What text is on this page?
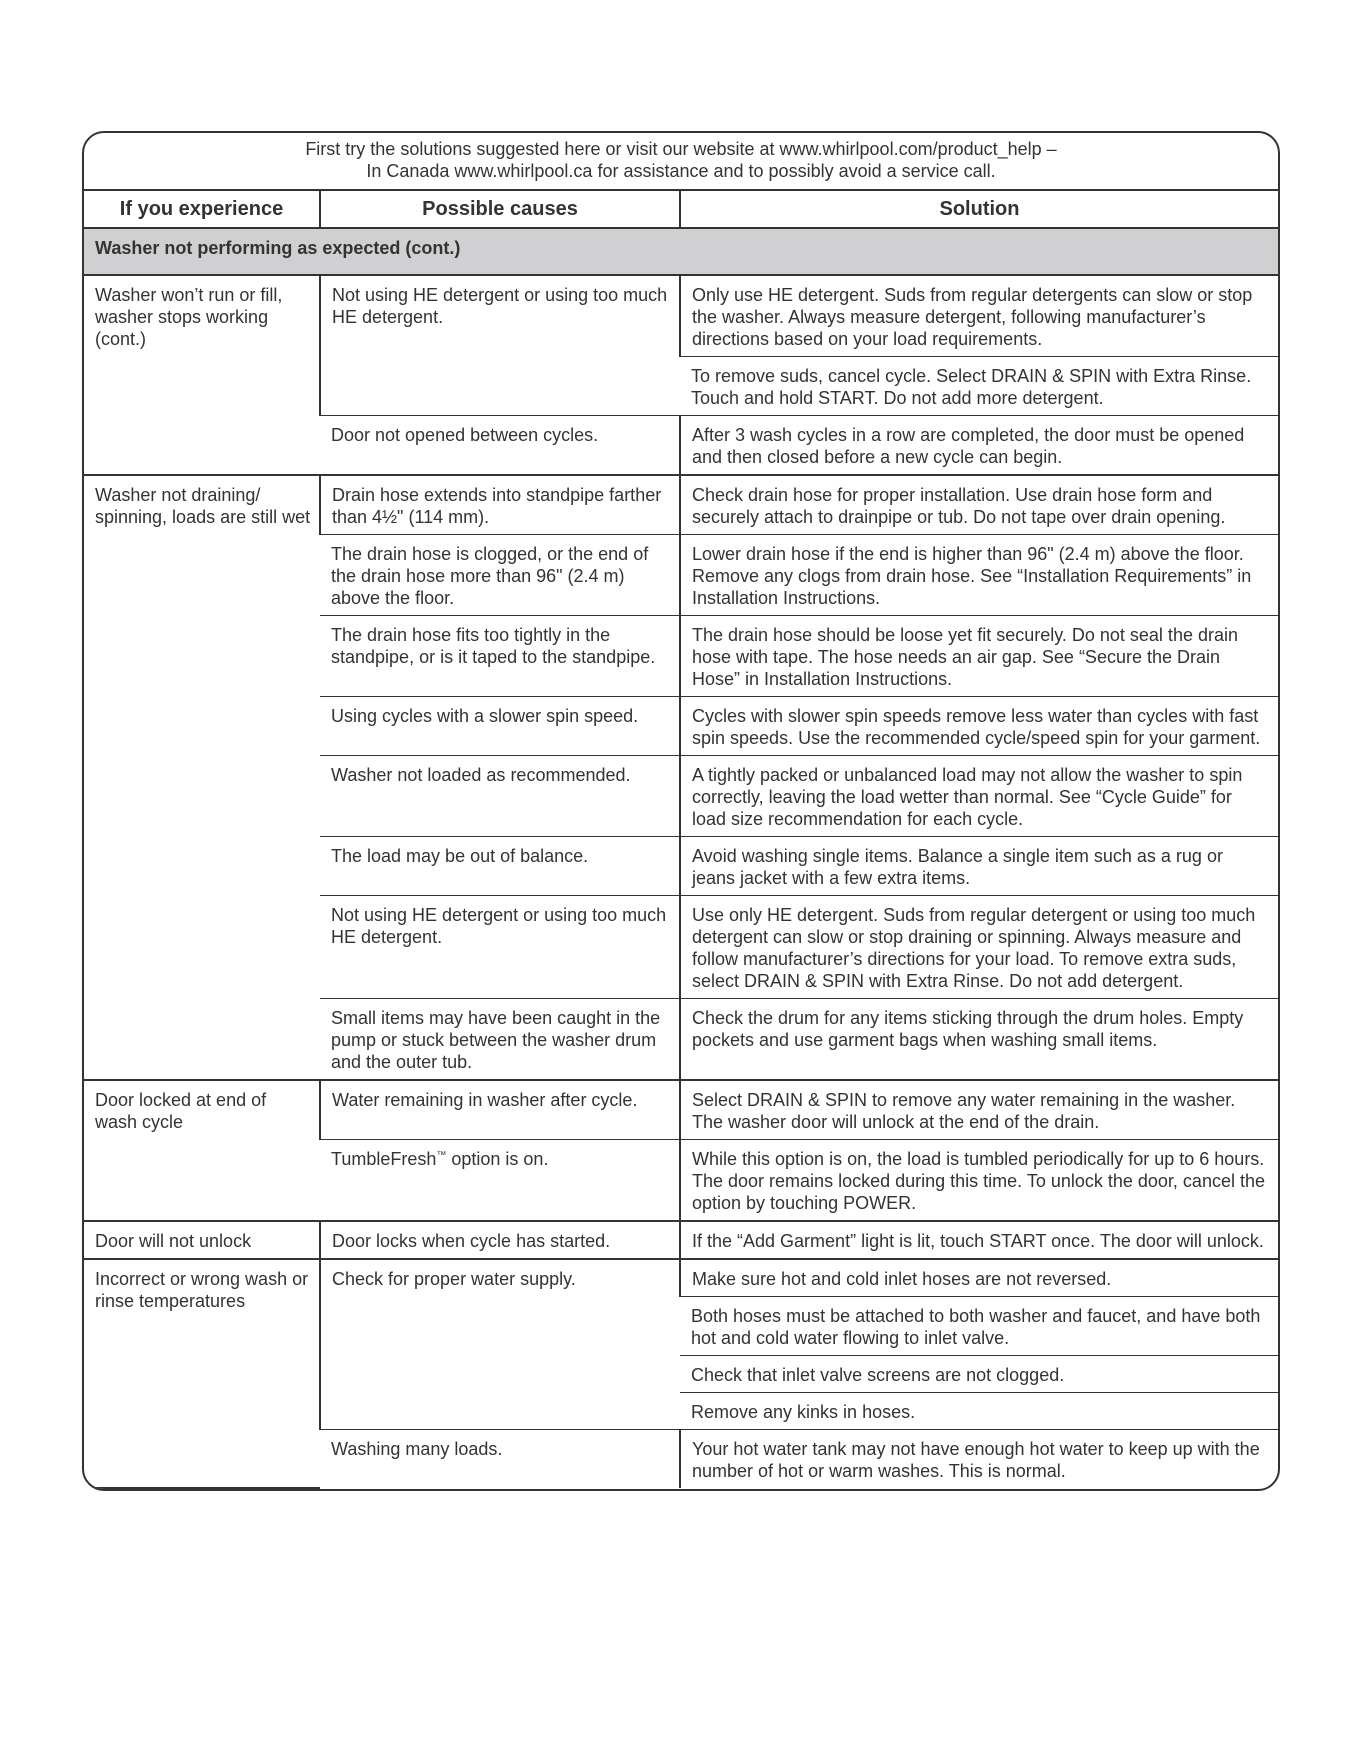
First try the solutions suggested here or visit our website at www.whirlpool.com/product_help –
In Canada www.whirlpool.ca for assistance and to possibly avoid a service call.
If you experience	Possible causes	Solution
Washer not performing as expected (cont.)		
Washer won’t run or fill, washer stops working (cont.)	Not using HE detergent or using too much HE detergent.	Only use HE detergent. Suds from regular detergents can slow or stop the washer. Always measure detergent, following manufacturer’s directions based on your load requirements.
		To remove suds, cancel cycle. Select DRAIN & SPIN with Extra Rinse. Touch and hold START. Do not add more detergent.
	Door not opened between cycles.	After 3 wash cycles in a row are completed, the door must be opened and then closed before a new cycle can begin.
Washer not draining/ spinning, loads are still wet	Drain hose extends into standpipe farther than 4½" (114 mm).	Check drain hose for proper installation. Use drain hose form and securely attach to drainpipe or tub. Do not tape over drain opening.
	The drain hose is clogged, or the end of the drain hose more than 96" (2.4 m) above the floor.	Lower drain hose if the end is higher than 96" (2.4 m) above the floor. Remove any clogs from drain hose. See “Installation Requirements” in Installation Instructions.
	The drain hose fits too tightly in the standpipe, or is it taped to the standpipe.	The drain hose should be loose yet fit securely. Do not seal the drain hose with tape. The hose needs an air gap. See “Secure the Drain Hose” in Installation Instructions.
	Using cycles with a slower spin speed.	Cycles with slower spin speeds remove less water than cycles with fast spin speeds. Use the recommended cycle/speed spin for your garment.
	Washer not loaded as recommended.	A tightly packed or unbalanced load may not allow the washer to spin correctly, leaving the load wetter than normal. See “Cycle Guide” for load size recommendation for each cycle.
	The load may be out of balance.	Avoid washing single items. Balance a single item such as a rug or jeans jacket with a few extra items.
	Not using HE detergent or using too much HE detergent.	Use only HE detergent. Suds from regular detergent or using too much detergent can slow or stop draining or spinning. Always measure and follow manufacturer’s directions for your load. To remove extra suds, select DRAIN & SPIN with Extra Rinse. Do not add detergent.
	Small items may have been caught in the pump or stuck between the washer drum and the outer tub.	Check the drum for any items sticking through the drum holes. Empty pockets and use garment bags when washing small items.
Door locked at end of wash cycle	Water remaining in washer after cycle.	Select DRAIN & SPIN to remove any water remaining in the washer. The washer door will unlock at the end of the drain.
	TumbleFresh™ option is on.	While this option is on, the load is tumbled periodically for up to 6 hours. The door remains locked during this time. To unlock the door, cancel the option by touching POWER.
Door will not unlock	Door locks when cycle has started.	If the “Add Garment” light is lit, touch START once. The door will unlock.
Incorrect or wrong wash or rinse temperatures	Check for proper water supply.	Make sure hot and cold inlet hoses are not reversed.
		Both hoses must be attached to both washer and faucet, and have both hot and cold water flowing to inlet valve.
		Check that inlet valve screens are not clogged.
		Remove any kinks in hoses.
	Washing many loads.	Your hot water tank may not have enough hot water to keep up with the number of hot or warm washes. This is normal.
